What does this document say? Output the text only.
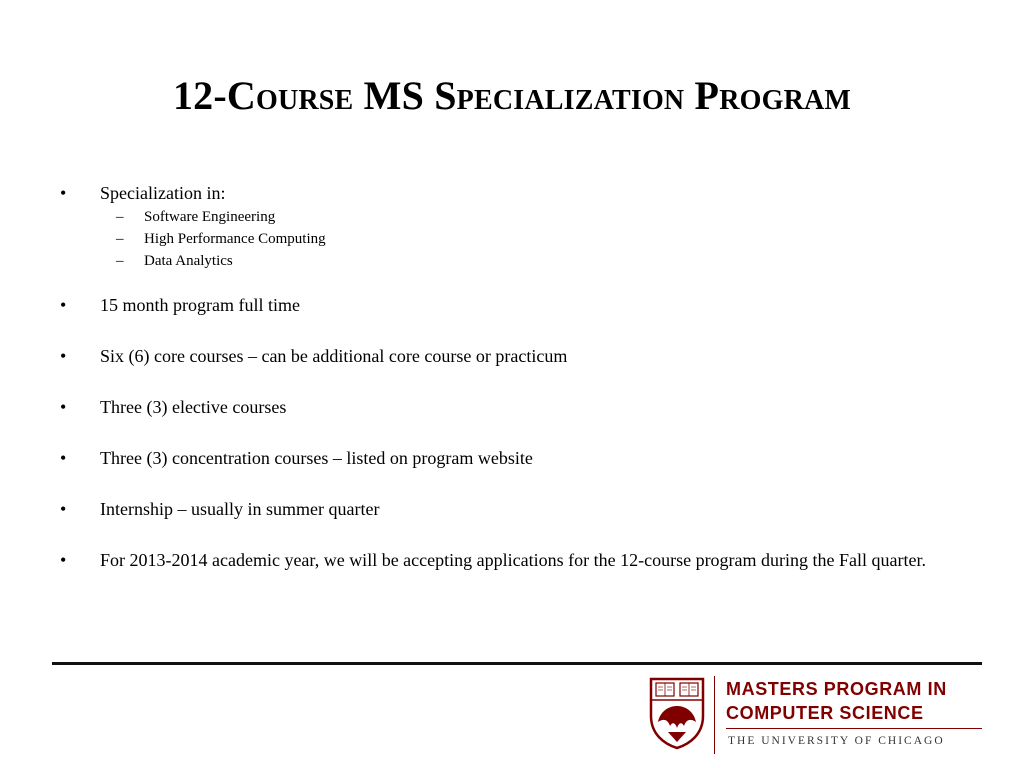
12-Course MS Specialization Program
•	Specialization in:
– Software Engineering
– High Performance Computing
– Data Analytics
•	15 month program full time
•	Six (6) core courses – can be additional core course or practicum
•	Three (3) elective courses
•	Three (3) concentration courses – listed on program website
•	Internship – usually in summer quarter
•	For 2013-2014 academic year, we will be accepting applications for the 12-course program during the Fall quarter.
MASTERS PROGRAM IN
COMPUTER SCIENCE
THE UNIVERSITY OF CHICAGO
